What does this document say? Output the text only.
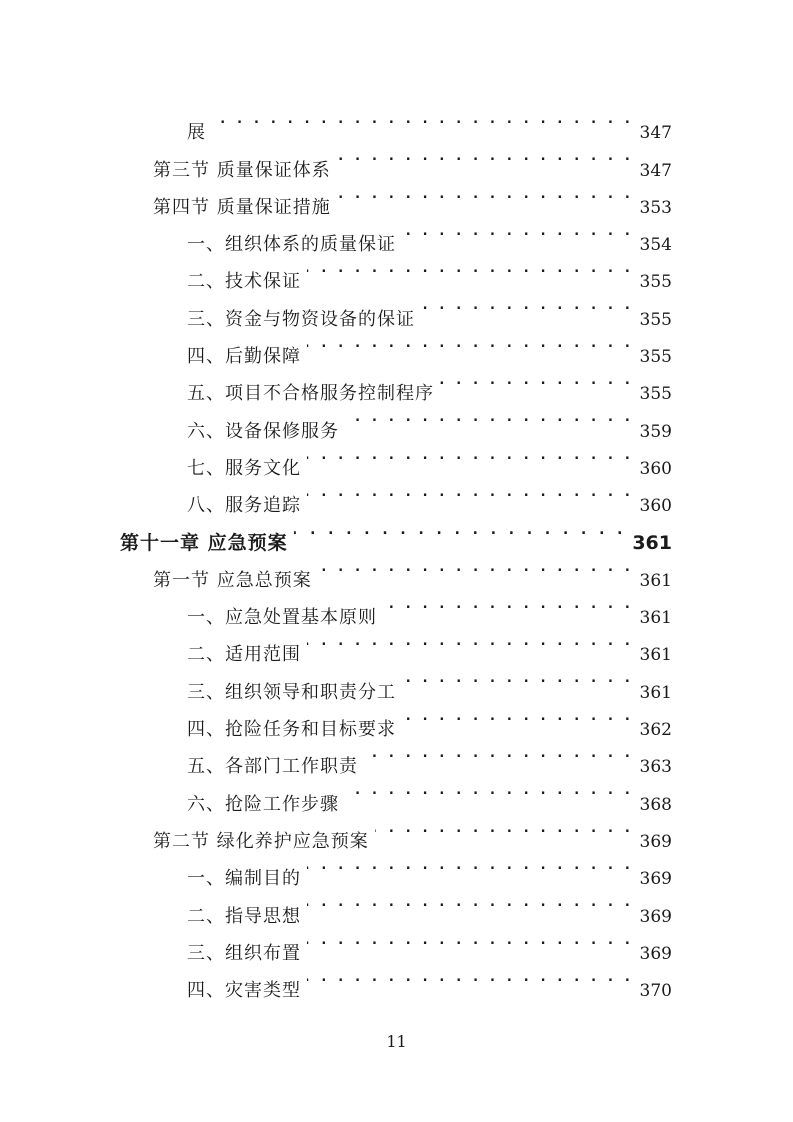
展 . . .	347
第三节 质量保证体系 . . .	347
第四节 质量保证措施 . . .	353
一、组织体系的质量保证 . . .	354
二、技术保证 . . .	355
三、资金与物资设备的保证 . . .	355
四、后勤保障 . . .	355
五、项目不合格服务控制程序 . . .	355
六、设备保修服务 . . .	359
七、服务文化 . . .	360
八、服务追踪 . . .	360
第十一章 应急预案 . . .	361
第一节 应急总预案 . . .	361
一、应急处置基本原则 . . .	361
二、适用范围 . . .	361
三、组织领导和职责分工 . . .	361
四、抢险任务和目标要求 . . .	362
五、各部门工作职责 . . .	363
六、抢险工作步骤 . . .	368
第二节 绿化养护应急预案 . . .	369
一、编制目的 . . .	369
二、指导思想 . . .	369
三、组织布置 . . .	369
四、灾害类型 . . .	370
11
